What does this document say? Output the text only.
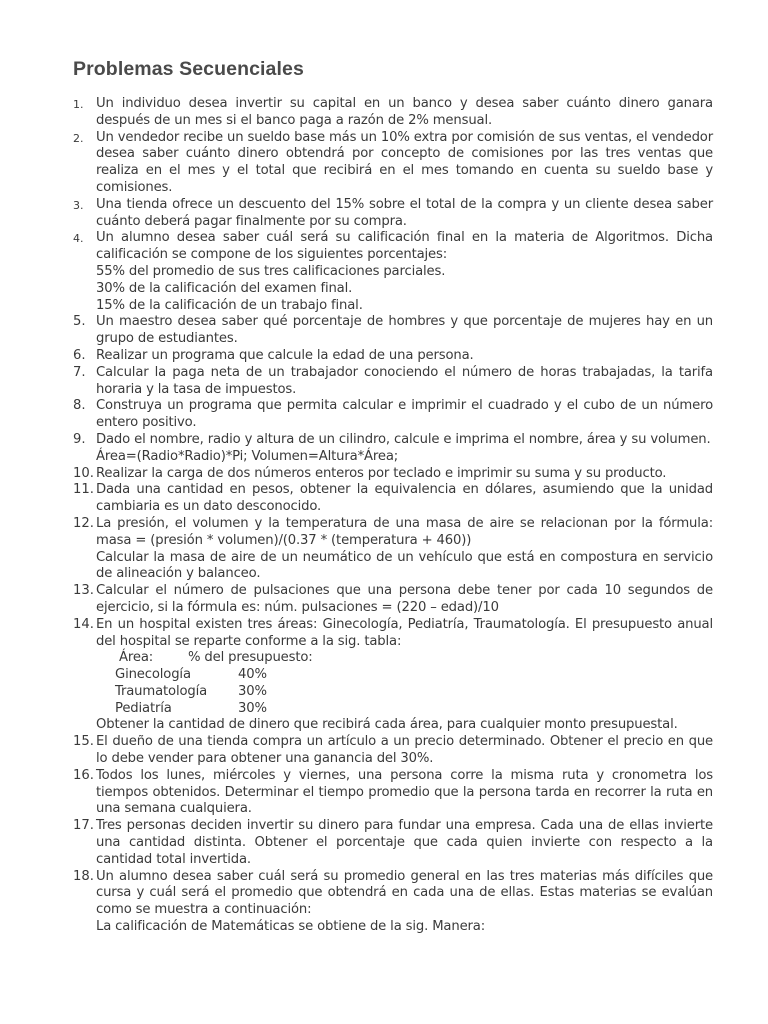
Problemas Secuenciales
1. Un individuo desea invertir su capital en un banco y desea saber cuánto dinero ganara después de un mes si el banco paga a razón de 2% mensual.
2. Un vendedor recibe un sueldo base más un 10% extra por comisión de sus ventas, el vendedor desea saber cuánto dinero obtendrá por concepto de comisiones por las tres ventas que realiza en el mes y el total que recibirá en el mes tomando en cuenta su sueldo base y comisiones.
3. Una tienda ofrece un descuento del 15% sobre el total de la compra y un cliente desea saber cuánto deberá pagar finalmente por su compra.
4. Un alumno desea saber cuál será su calificación final en la materia de Algoritmos. Dicha calificación se compone de los siguientes porcentajes:
55% del promedio de sus tres calificaciones parciales.
30% de la calificación del examen final.
15% de la calificación de un trabajo final.
5. Un maestro desea saber qué porcentaje de hombres y que porcentaje de mujeres hay en un grupo de estudiantes.
6. Realizar un programa que calcule la edad de una persona.
7. Calcular la paga neta de un trabajador conociendo el número de horas trabajadas, la tarifa horaria y la tasa de impuestos.
8. Construya un programa que permita calcular e imprimir el cuadrado y el cubo de un número entero positivo.
9. Dado el nombre, radio y altura de un cilindro, calcule e imprima el nombre, área y su volumen.
Área=(Radio*Radio)*Pi; Volumen=Altura*Área;
10. Realizar la carga de dos números enteros por teclado e imprimir su suma y su producto.
11. Dada una cantidad en pesos, obtener la equivalencia en dólares, asumiendo que la unidad cambiaria es un dato desconocido.
12. La presión, el volumen y la temperatura de una masa de aire se relacionan por la fórmula: masa = (presión * volumen)/(0.37 * (temperatura + 460))
Calcular la masa de aire de un neumático de un vehículo que está en compostura en servicio de alineación y balanceo.
13. Calcular el número de pulsaciones que una persona debe tener por cada 10 segundos de ejercicio, si la fórmula es: núm. pulsaciones = (220 – edad)/10
14. En un hospital existen tres áreas: Ginecología, Pediatría, Traumatología. El presupuesto anual del hospital se reparte conforme a la sig. tabla:
Área:	% del presupuesto:
Ginecología	40%
Traumatología	30%
Pediatría	30%
Obtener la cantidad de dinero que recibirá cada área, para cualquier monto presupuestal.
15. El dueño de una tienda compra un artículo a un precio determinado. Obtener el precio en que lo debe vender para obtener una ganancia del 30%.
16. Todos los lunes, miércoles y viernes, una persona corre la misma ruta y cronometra los tiempos obtenidos. Determinar el tiempo promedio que la persona tarda en recorrer la ruta en una semana cualquiera.
17. Tres personas deciden invertir su dinero para fundar una empresa. Cada una de ellas invierte una cantidad distinta. Obtener el porcentaje que cada quien invierte con respecto a la cantidad total invertida.
18. Un alumno desea saber cuál será su promedio general en las tres materias más difíciles que cursa y cuál será el promedio que obtendrá en cada una de ellas. Estas materias se evalúan como se muestra a continuación:
La calificación de Matemáticas se obtiene de la sig. Manera:
